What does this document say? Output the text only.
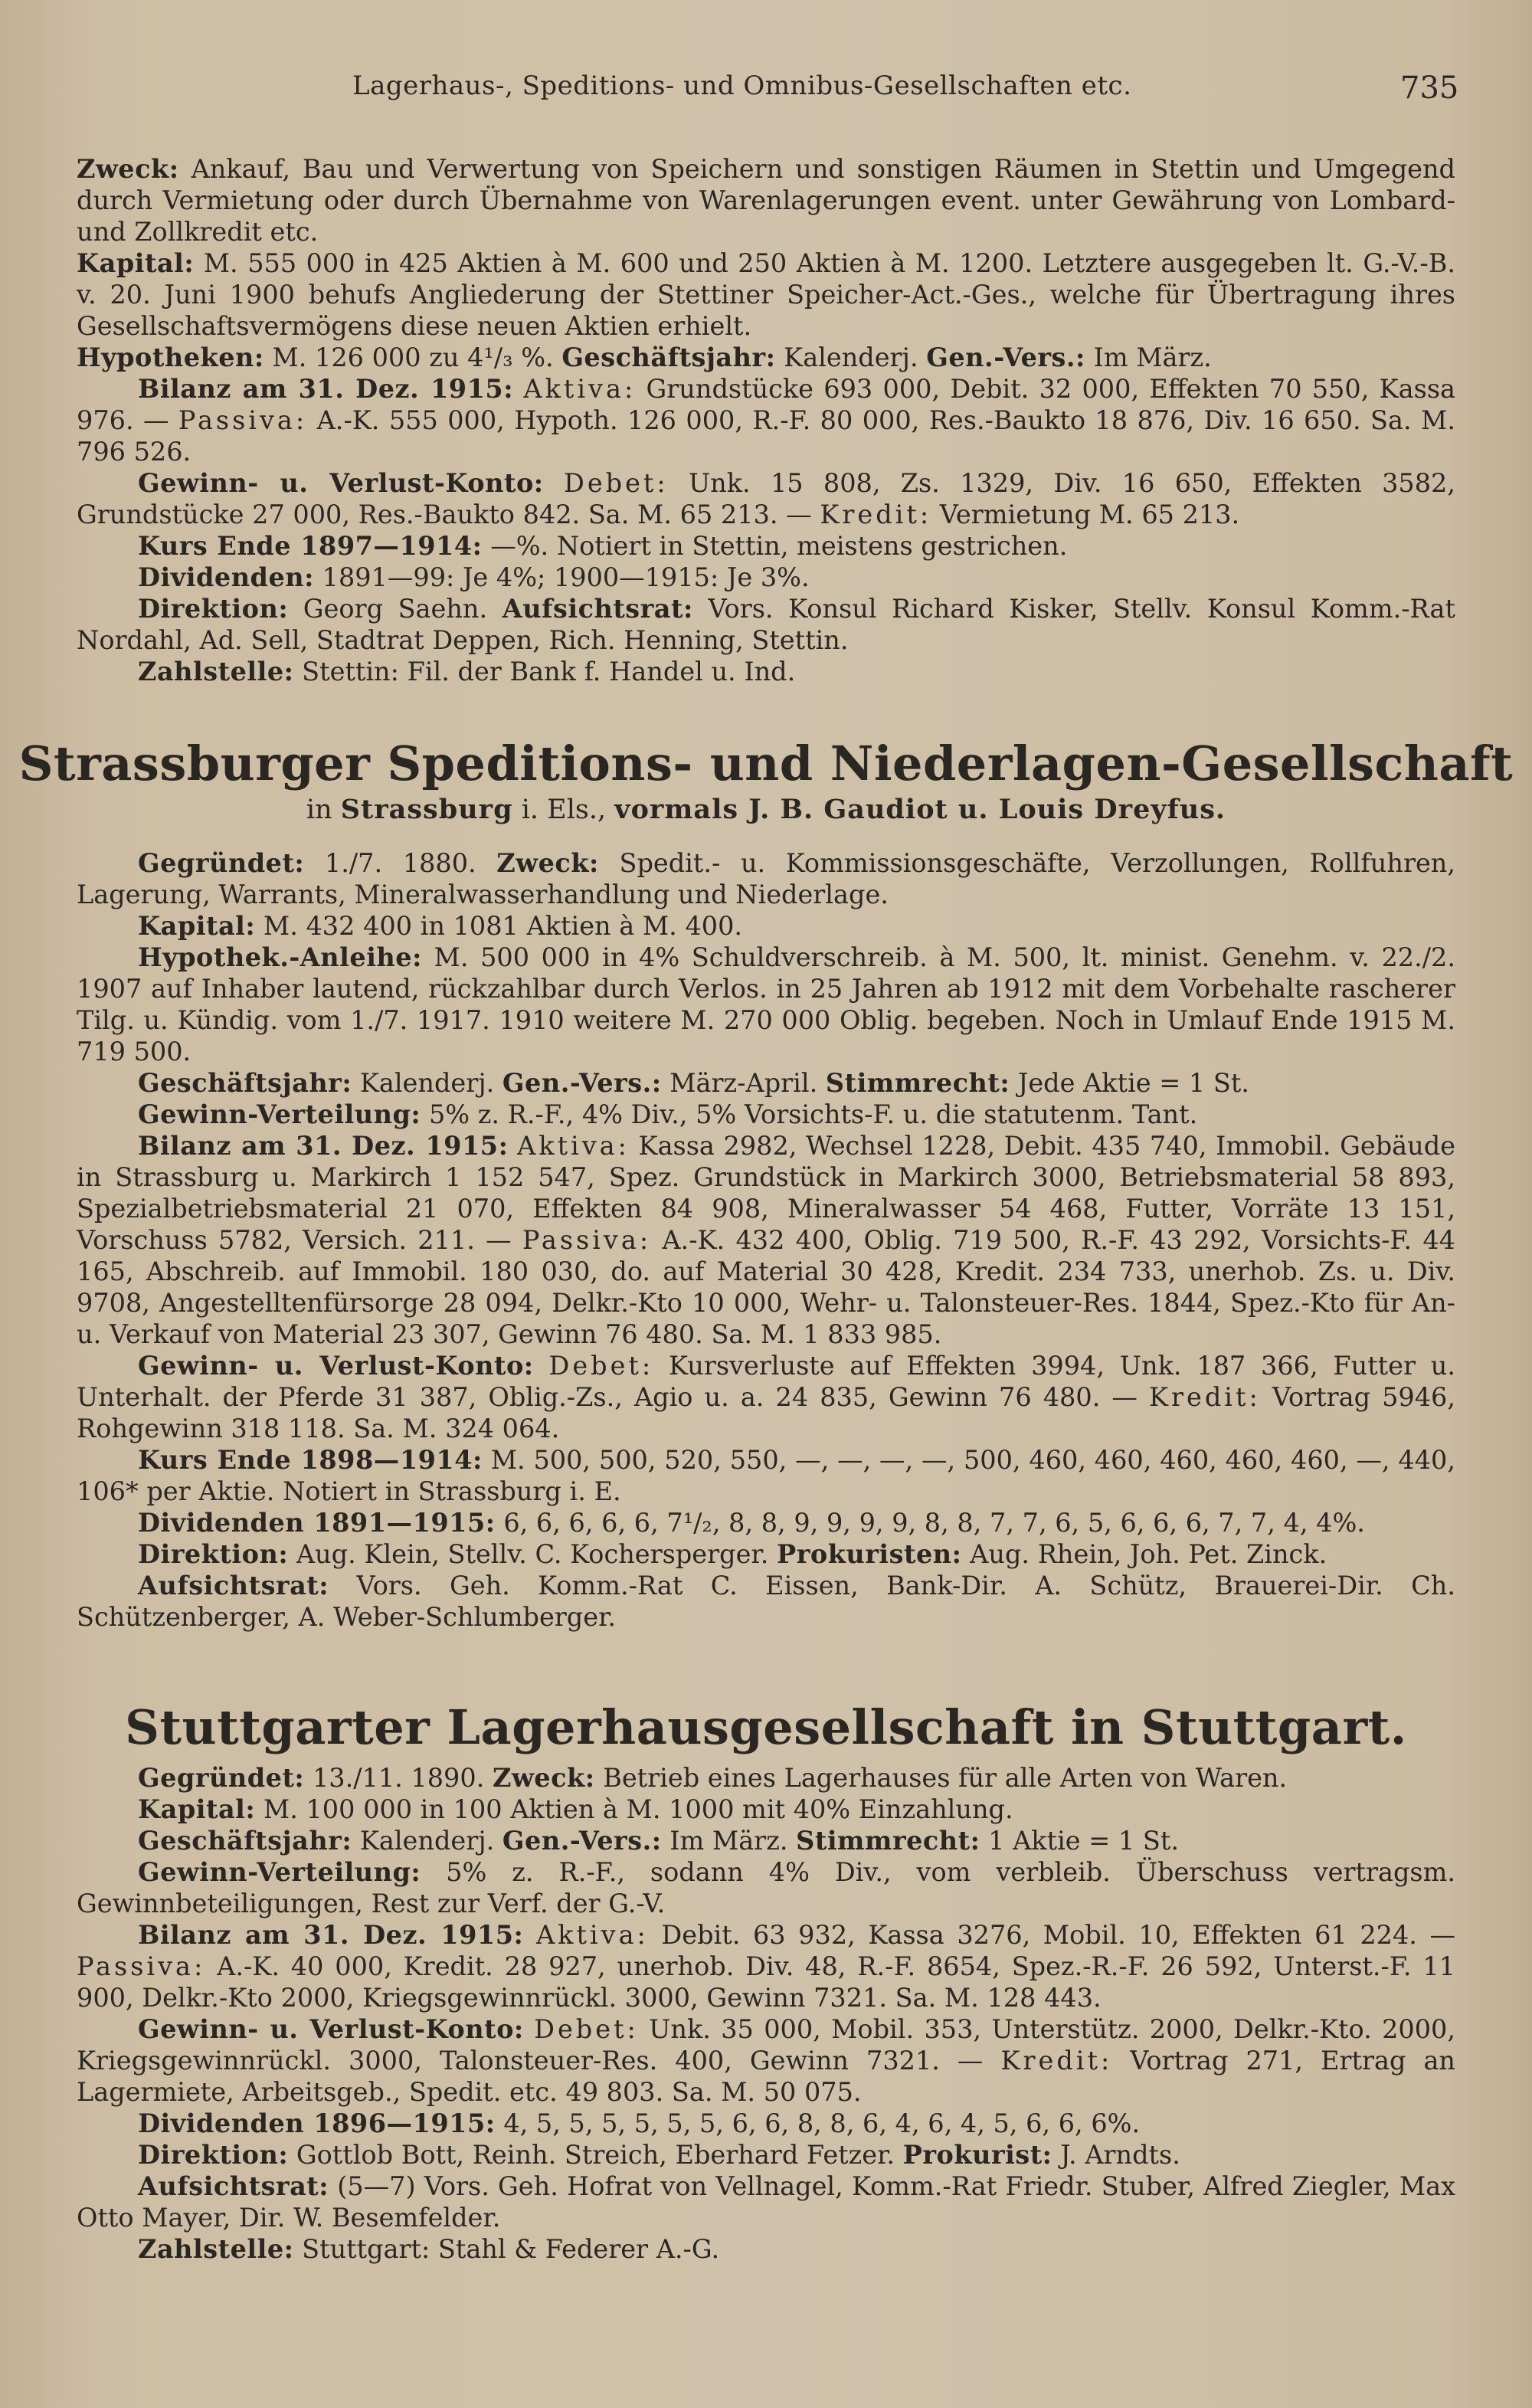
Lagerhaus-, Speditions- und Omnibus-Gesellschaften etc.	735

Zweck: Ankauf, Bau und Verwertung von Speichern und sonstigen Räumen in Stettin und Umgegend durch Vermietung oder durch Übernahme von Warenlagerungen event. unter Gewährung von Lombard- und Zollkredit etc.

Kapital: M. 555 000 in 425 Aktien à M. 600 und 250 Aktien à M. 1200. Letztere ausgegeben lt. G.-V.-B. v. 20. Juni 1900 behufs Angliederung der Stettiner Speicher-Act.-Ges., welche für Übertragung ihres Gesellschaftsvermögens diese neuen Aktien erhielt.

Hypotheken: M. 126 000 zu 4¹/₃ %. Geschäftsjahr: Kalenderj. Gen.-Vers.: Im März.

Bilanz am 31. Dez. 1915: Aktiva: Grundstücke 693 000, Debit. 32 000, Effekten 70 550, Kassa 976. — Passiva: A.-K. 555 000, Hypoth. 126 000, R.-F. 80 000, Res.-Baukto 18 876, Div. 16 650. Sa. M. 796 526.

Gewinn- u. Verlust-Konto: Debet: Unk. 15 808, Zs. 1329, Div. 16 650, Effekten 3582, Grundstücke 27 000, Res.-Baukto 842. Sa. M. 65 213. — Kredit: Vermietung M. 65 213.

Kurs Ende 1897—1914: —%. Notiert in Stettin, meistens gestrichen.

Dividenden: 1891—99: Je 4%; 1900—1915: Je 3%.

Direktion: Georg Saehn. Aufsichtsrat: Vors. Konsul Richard Kisker, Stellv. Konsul Komm.-Rat Nordahl, Ad. Sell, Stadtrat Deppen, Rich. Henning, Stettin.

Zahlstelle: Stettin: Fil. der Bank f. Handel u. Ind.

Strassburger Speditions- und Niederlagen-Gesellschaft

in Strassburg i. Els., vormals J. B. Gaudiot u. Louis Dreyfus.

Gegründet: 1./7. 1880. Zweck: Spedit.- u. Kommissionsgeschäfte, Verzollungen, Rollfuhren, Lagerung, Warrants, Mineralwasserhandlung und Niederlage.

Kapital: M. 432 400 in 1081 Aktien à M. 400.

Hypothek.-Anleihe: M. 500 000 in 4% Schuldverschreib. à M. 500, lt. minist. Genehm. v. 22./2. 1907 auf Inhaber lautend, rückzahlbar durch Verlos. in 25 Jahren ab 1912 mit dem Vorbehalte rascherer Tilg. u. Kündig. vom 1./7. 1917. 1910 weitere M. 270 000 Oblig. begeben. Noch in Umlauf Ende 1915 M. 719 500.

Geschäftsjahr: Kalenderj. Gen.-Vers.: März-April. Stimmrecht: Jede Aktie = 1 St.

Gewinn-Verteilung: 5% z. R.-F., 4% Div., 5% Vorsichts-F. u. die statutenm. Tant.

Bilanz am 31. Dez. 1915: Aktiva: Kassa 2982, Wechsel 1228, Debit. 435 740, Immobil. Gebäude in Strassburg u. Markirch 1 152 547, Spez. Grundstück in Markirch 3000, Betriebsmaterial 58 893, Spezialbetriebsmaterial 21 070, Effekten 84 908, Mineralwasser 54 468, Futter, Vorräte 13 151, Vorschuss 5782, Versich. 211. — Passiva: A.-K. 432 400, Oblig. 719 500, R.-F. 43 292, Vorsichts-F. 44 165, Abschreib. auf Immobil. 180 030, do. auf Material 30 428, Kredit. 234 733, unerhob. Zs. u. Div. 9708, Angestelltenfürsorge 28 094, Delkr.-Kto 10 000, Wehr- u. Talonsteuer-Res. 1844, Spez.-Kto für An- u. Verkauf von Material 23 307, Gewinn 76 480. Sa. M. 1 833 985.

Gewinn- u. Verlust-Konto: Debet: Kursverluste auf Effekten 3994, Unk. 187 366, Futter u. Unterhalt. der Pferde 31 387, Oblig.-Zs., Agio u. a. 24 835, Gewinn 76 480. — Kredit: Vortrag 5946, Rohgewinn 318 118. Sa. M. 324 064.

Kurs Ende 1898—1914: M. 500, 500, 520, 550, —, —, —, —, 500, 460, 460, 460, 460, 460, —, 440, 106* per Aktie. Notiert in Strassburg i. E.

Dividenden 1891—1915: 6, 6, 6, 6, 6, 7¹/₂, 8, 8, 9, 9, 9, 9, 8, 8, 7, 7, 6, 5, 6, 6, 6, 7, 7, 4, 4%.

Direktion: Aug. Klein, Stellv. C. Kochersperger. Prokuristen: Aug. Rhein, Joh. Pet. Zinck.

Aufsichtsrat: Vors. Geh. Komm.-Rat C. Eissen, Bank-Dir. A. Schütz, Brauerei-Dir. Ch. Schützenberger, A. Weber-Schlumberger.

Stuttgarter Lagerhausgesellschaft in Stuttgart.

Gegründet: 13./11. 1890. Zweck: Betrieb eines Lagerhauses für alle Arten von Waren.

Kapital: M. 100 000 in 100 Aktien à M. 1000 mit 40% Einzahlung.

Geschäftsjahr: Kalenderj. Gen.-Vers.: Im März. Stimmrecht: 1 Aktie = 1 St.

Gewinn-Verteilung: 5% z. R.-F., sodann 4% Div., vom verbleib. Überschuss vertragsm. Gewinnbeteiligungen, Rest zur Verf. der G.-V.

Bilanz am 31. Dez. 1915: Aktiva: Debit. 63 932, Kassa 3276, Mobil. 10, Effekten 61 224. — Passiva: A.-K. 40 000, Kredit. 28 927, unerhob. Div. 48, R.-F. 8654, Spez.-R.-F. 26 592, Unterst.-F. 11 900, Delkr.-Kto 2000, Kriegsgewinnrückl. 3000, Gewinn 7321. Sa. M. 128 443.

Gewinn- u. Verlust-Konto: Debet: Unk. 35 000, Mobil. 353, Unterstütz. 2000, Delkr.-Kto. 2000, Kriegsgewinnrückl. 3000, Talonsteuer-Res. 400, Gewinn 7321. — Kredit: Vortrag 271, Ertrag an Lagermiete, Arbeitsgeb., Spedit. etc. 49 803. Sa. M. 50 075.

Dividenden 1896—1915: 4, 5, 5, 5, 5, 5, 5, 6, 6, 8, 8, 6, 4, 6, 4, 5, 6, 6, 6%.

Direktion: Gottlob Bott, Reinh. Streich, Eberhard Fetzer. Prokurist: J. Arndts.

Aufsichtsrat: (5—7) Vors. Geh. Hofrat von Vellnagel, Komm.-Rat Friedr. Stuber, Alfred Ziegler, Max Otto Mayer, Dir. W. Besemfelder.

Zahlstelle: Stuttgart: Stahl & Federer A.-G.
